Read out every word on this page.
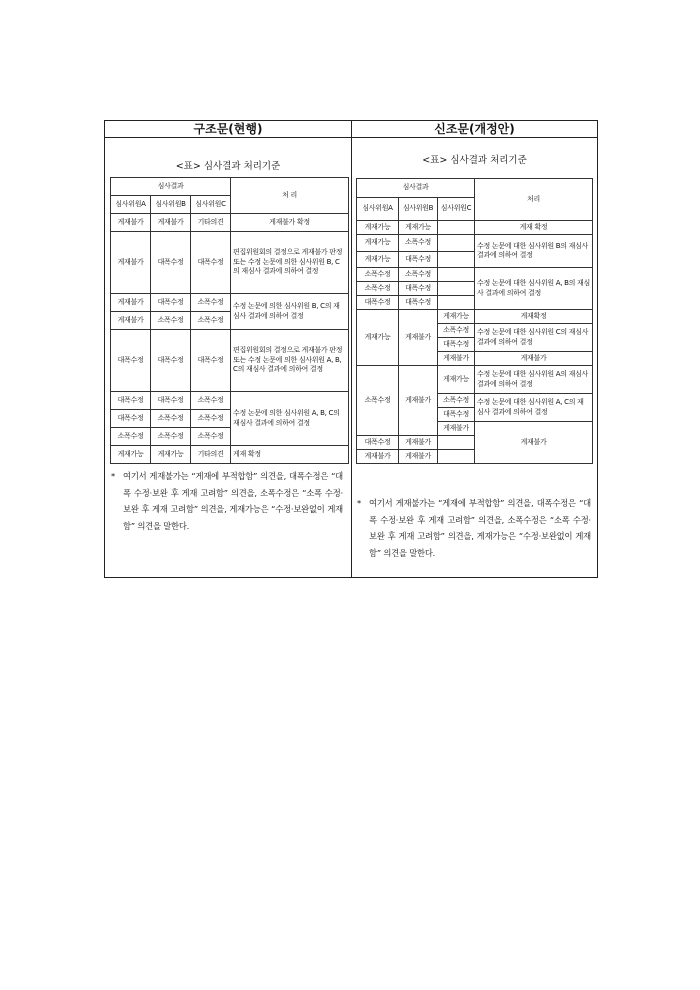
구조문(현행)	신조문(개정안)
<표> 심사결과 처리기준
심사결과			처 리
심사위원A	심사위원B	심사위원C	
게재불가	게재불가	기타의견	게재불가 확정
게재불가	대폭수정	대폭수정	편집위원회의 결정으로 게재불가 판정 또는 수정 논문에 의한 심사위원 B, C의 재심사 결과에 의하여 결정
게재불가	대폭수정	소폭수정	수정 논문에 의한 심사위원 B, C의 재심사 결과에 의하여 결정
게재불가	소폭수정	소폭수정	
대폭수정	대폭수정	대폭수정	편집위원회의 결정으로 게재불가 판정 또는 수정 논문에 의한 심사위원 A, B, C의 재심사 결과에 의하여 결정
대폭수정	대폭수정	소폭수정	수정 논문에 의한 심사위원 A, B, C의 재심사 결과에 의하여 결정
대폭수정	소폭수정	소폭수정	
소폭수정	소폭수정	소폭수정	
게재가능	게재가능	기타의견	게재 확정
* 여기서 게재불가는 “게재에 부적합함” 의견을, 대폭수정은 “대폭 수정·보완 후 게재 고려함” 의견을, 소폭수정은 “소폭 수정·보완 후 게재 고려함” 의견을, 게재가능은 “수정·보완없이 게재함” 의견을 말한다.
<표> 심사결과 처리기준
심사결과			처리
심사위원A	심사위원B	심사위원C	
게재가능	게재가능		게재 확정
게재가능	소폭수정		수정 논문에 대한 심사위원 B의 재심사 결과에 의하여 결정
게재가능	대폭수정		
소폭수정	소폭수정		수정 논문에 대한 심사위원 A, B의 재심사 결과에 의하여 결정
소폭수정	대폭수정		
대폭수정	대폭수정		
게재가능	게재불가	게재가능	게재확정
		소폭수정	수정 논문에 대한 심사위원 C의 재심사 결과에 의하여 결정
		대폭수정	
		게재불가	게재불가
소폭수정	게재불가	게재가능	수정 논문에 대한 심사위원 A의 재심사 결과에 의하여 결정
		소폭수정	수정 논문에 대한 심사위원 A, C의 재심사 결과에 의하여 결정
		대폭수정	
		게재불가	게재불가
대폭수정	게재불가		
게재불가	게재불가		
* 여기서 게재불가는 “게재에 부적합함” 의견을, 대폭수정은 “대폭 수정·보완 후 게재 고려함” 의견을, 소폭수정은 “소폭 수정·보완 후 게재 고려함” 의견을, 게재가능은 “수정·보완없이 게재함” 의견을 말한다.
